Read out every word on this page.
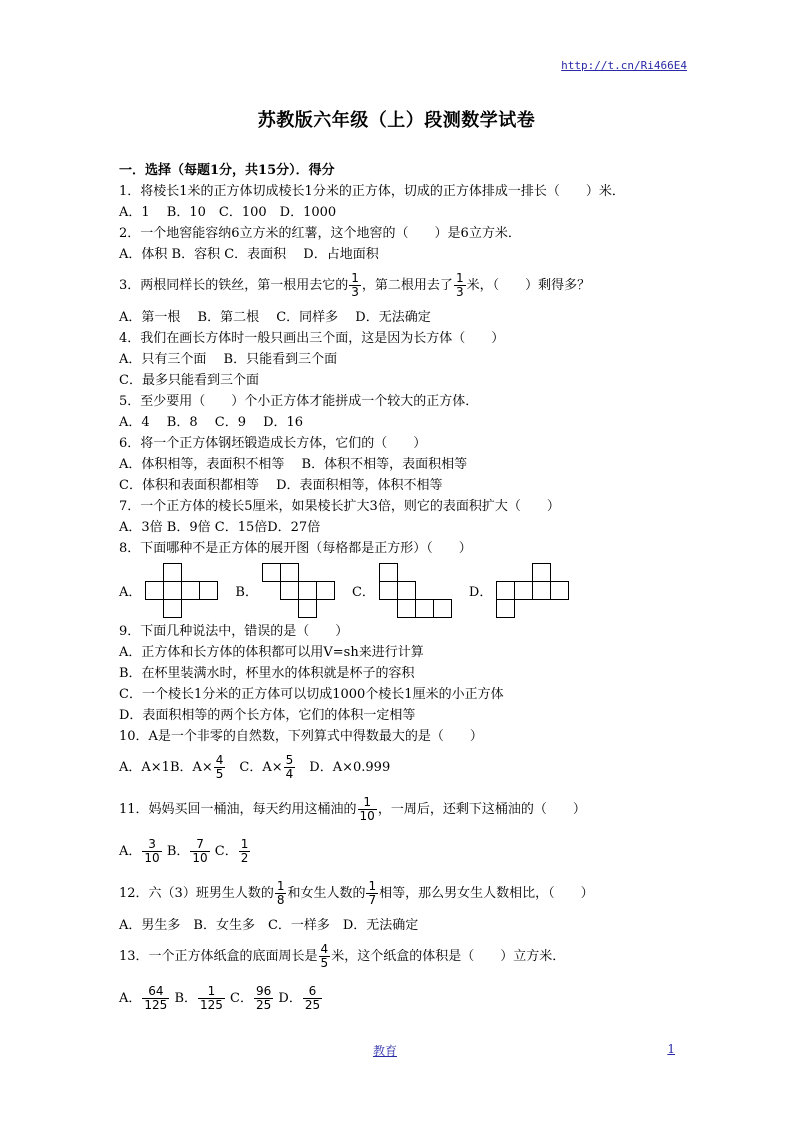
http://t.cn/Ri466E4
苏教版六年级（上）段测数学试卷
一．选择（每题1分，共15分）．得分
1．将棱长1米的正方体切成棱长1分米的正方体，切成的正方体排成一排长（　　）米．
A．1　 B．10　C．100　D．1000
2．一个地窖能容纳6立方米的红薯，这个地窖的（　　）是6立方米．
A．体积 B．容积 C．表面积　 D．占地面积
3．两根同样长的铁丝，第一根用去它的 $\frac{1}{3}$ ，第二根用去了 $\frac{1}{3}$ 米，（　　）剩得多？
A．第一根　 B．第二根　 C．同样多　 D．无法确定
4．我们在画长方体时一般只画出三个面，这是因为长方体（　　）
A．只有三个面　 B．只能看到三个面
C．最多只能看到三个面
5．至少要用（　　）个小正方体才能拼成一个较大的正方体．
A．4　 B．8　 C．9　 D．16
6．将一个正方体钢坯锻造成长方体，它们的（　　）
A．体积相等，表面积不相等　 B．体积不相等，表面积相等
C．体积和表面积都相等　 D．表面积相等，体积不相等
7．一个正方体的棱长5厘米，如果棱长扩大3倍，则它的表面积扩大（　　）
A．3倍 B．9倍 C．15倍D．27倍
8．下面哪种不是正方体的展开图（每格都是正方形）（　　）
A．	B．	C．	D．
9．下面几种说法中，错误的是（　　）
A．正方体和长方体的体积都可以用V=sh来进行计算
B．在杯里装满水时，杯里水的体积就是杯子的容积
C．一个棱长1分米的正方体可以切成1000个棱长1厘米的小正方体
D．表面积相等的两个长方体，它们的体积一定相等
10．A是一个非零的自然数，下列算式中得数最大的是（　　）
A．A×1B．$A\times \frac{4}{5}$ 　C．$A\times \frac{5}{4}$ 　D．A×0.999
11．妈妈买回一桶油，每天约用这桶油的 $\frac{1}{10}$ ，一周后，还剩下这桶油的（　　）
A． $\frac{3}{10}$ B． $\frac{7}{10}$ C． $\frac{1}{2}$
12．六（3）班男生人数的 $\frac{1}{8}$ 和女生人数的 $\frac{1}{7}$ 相等，那么男女生人数相比，（　　）
A．男生多　B．女生多　C．一样多　D．无法确定
13．一个正方体纸盒的底面周长是 $\frac{4}{5}$ 米，这个纸盒的体积是（　　）立方米．
A． $\frac{64}{125}$ B． $\frac{1}{125}$ C． $\frac{96}{25}$ D． $\frac{6}{25}$
教育	1
